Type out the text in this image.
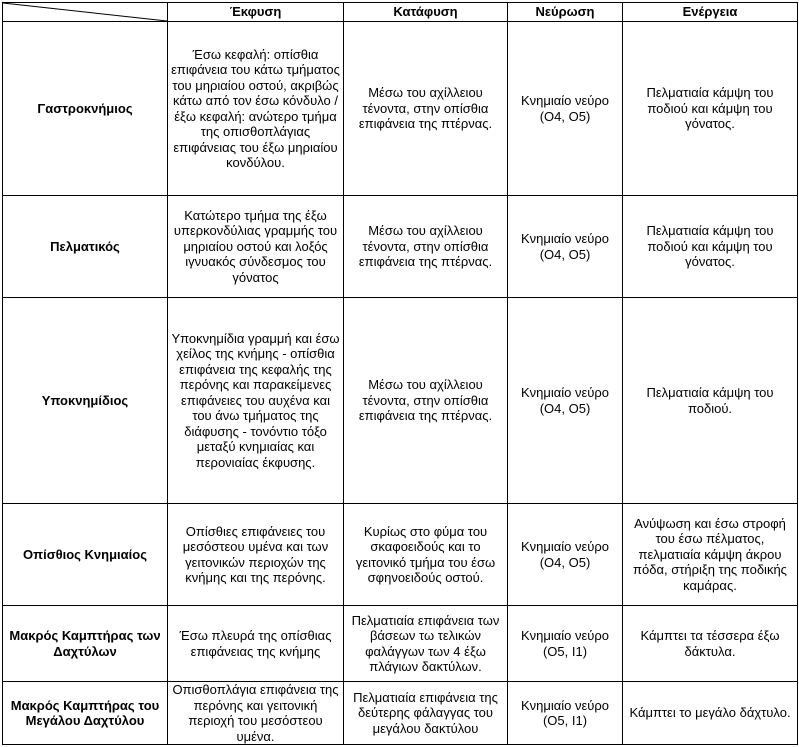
	Έκφυση	Κατάφυση	Νεύρωση	Ενέργεια
Γαστροκνήμιος	Έσω κεφαλή: οπίσθια επιφάνεια του κάτω τμήματος του μηριαίου οστού, ακριβώς κάτω από τον έσω κόνδυλο / έξω κεφαλή: ανώτερο τμήμα της οπισθοπλάγιας επιφάνειας του έξω μηριαίου κονδύλου.	Μέσω του αχίλλειου τένοντα, στην οπίσθια επιφάνεια της πτέρνας.	Κνημιαίο νεύρο (Ο4, Ο5)	Πελματιαία κάμψη του ποδιού και κάμψη του γόνατος.
Πελματικός	Κατώτερο τμήμα της έξω υπερκονδύλιας γραμμής του μηριαίου οστού και λοξός ιγνυακός σύνδεσμος του γόνατος	Μέσω του αχίλλειου τένοντα, στην οπίσθια επιφάνεια της πτέρνας.	Κνημιαίο νεύρο (Ο4, Ο5)	Πελματιαία κάμψη του ποδιού και κάμψη του γόνατος.
Υποκνημίδιος	Υποκνημίδια γραμμή και έσω χείλος της κνήμης - οπίσθια επιφάνεια της κεφαλής της περόνης και παρακείμενες επιφάνειες του αυχένα και του άνω τμήματος της διάφυσης - τονόντιο τόξο μεταξύ κνημιαίας και περονιαίας έκφυσης.	Μέσω του αχίλλειου τένοντα, στην οπίσθια επιφάνεια της πτέρνας.	Κνημιαίο νεύρο (Ο4, Ο5)	Πελματιαία κάμψη του ποδιού.
Οπίσθιος Κνημιαίος	Οπίσθιες επιφάνειες του μεσόστεου υμένα και των γειτονικών περιοχών της κνήμης και της περόνης.	Κυρίως στο φύμα του σκαφοειδούς και το γειτονικό τμήμα του έσω σφηνοειδούς οστού.	Κνημιαίο νεύρο (Ο4, Ο5)	Ανύψωση και έσω στροφή του έσω πέλματος, πελματιαία κάμψη άκρου πόδα, στήριξη της ποδικής καμάρας.
Μακρός Καμπτήρας των Δαχτύλων	Έσω πλευρά της οπίσθιας επιφάνειας της κνήμης	Πελματιαία επιφάνεια των βάσεων τω τελικών φαλάγγων των 4 έξω πλάγιων δακτύλων.	Κνημιαίο νεύρο (Ο5, Ι1)	Κάμπτει τα τέσσερα έξω δάκτυλα.
Μακρός Καμπτήρας του Μεγάλου Δαχτύλου	Οπισθοπλάγια επιφάνεια της περόνης και γειτονική περιοχή του μεσόστεου υμένα.	Πελματιαία επιφάνεια της δεύτερης φάλαγγας του μεγάλου δακτύλου	Κνημιαίο νεύρο (Ο5, Ι1)	Κάμπτει το μεγάλο δάχτυλο.
